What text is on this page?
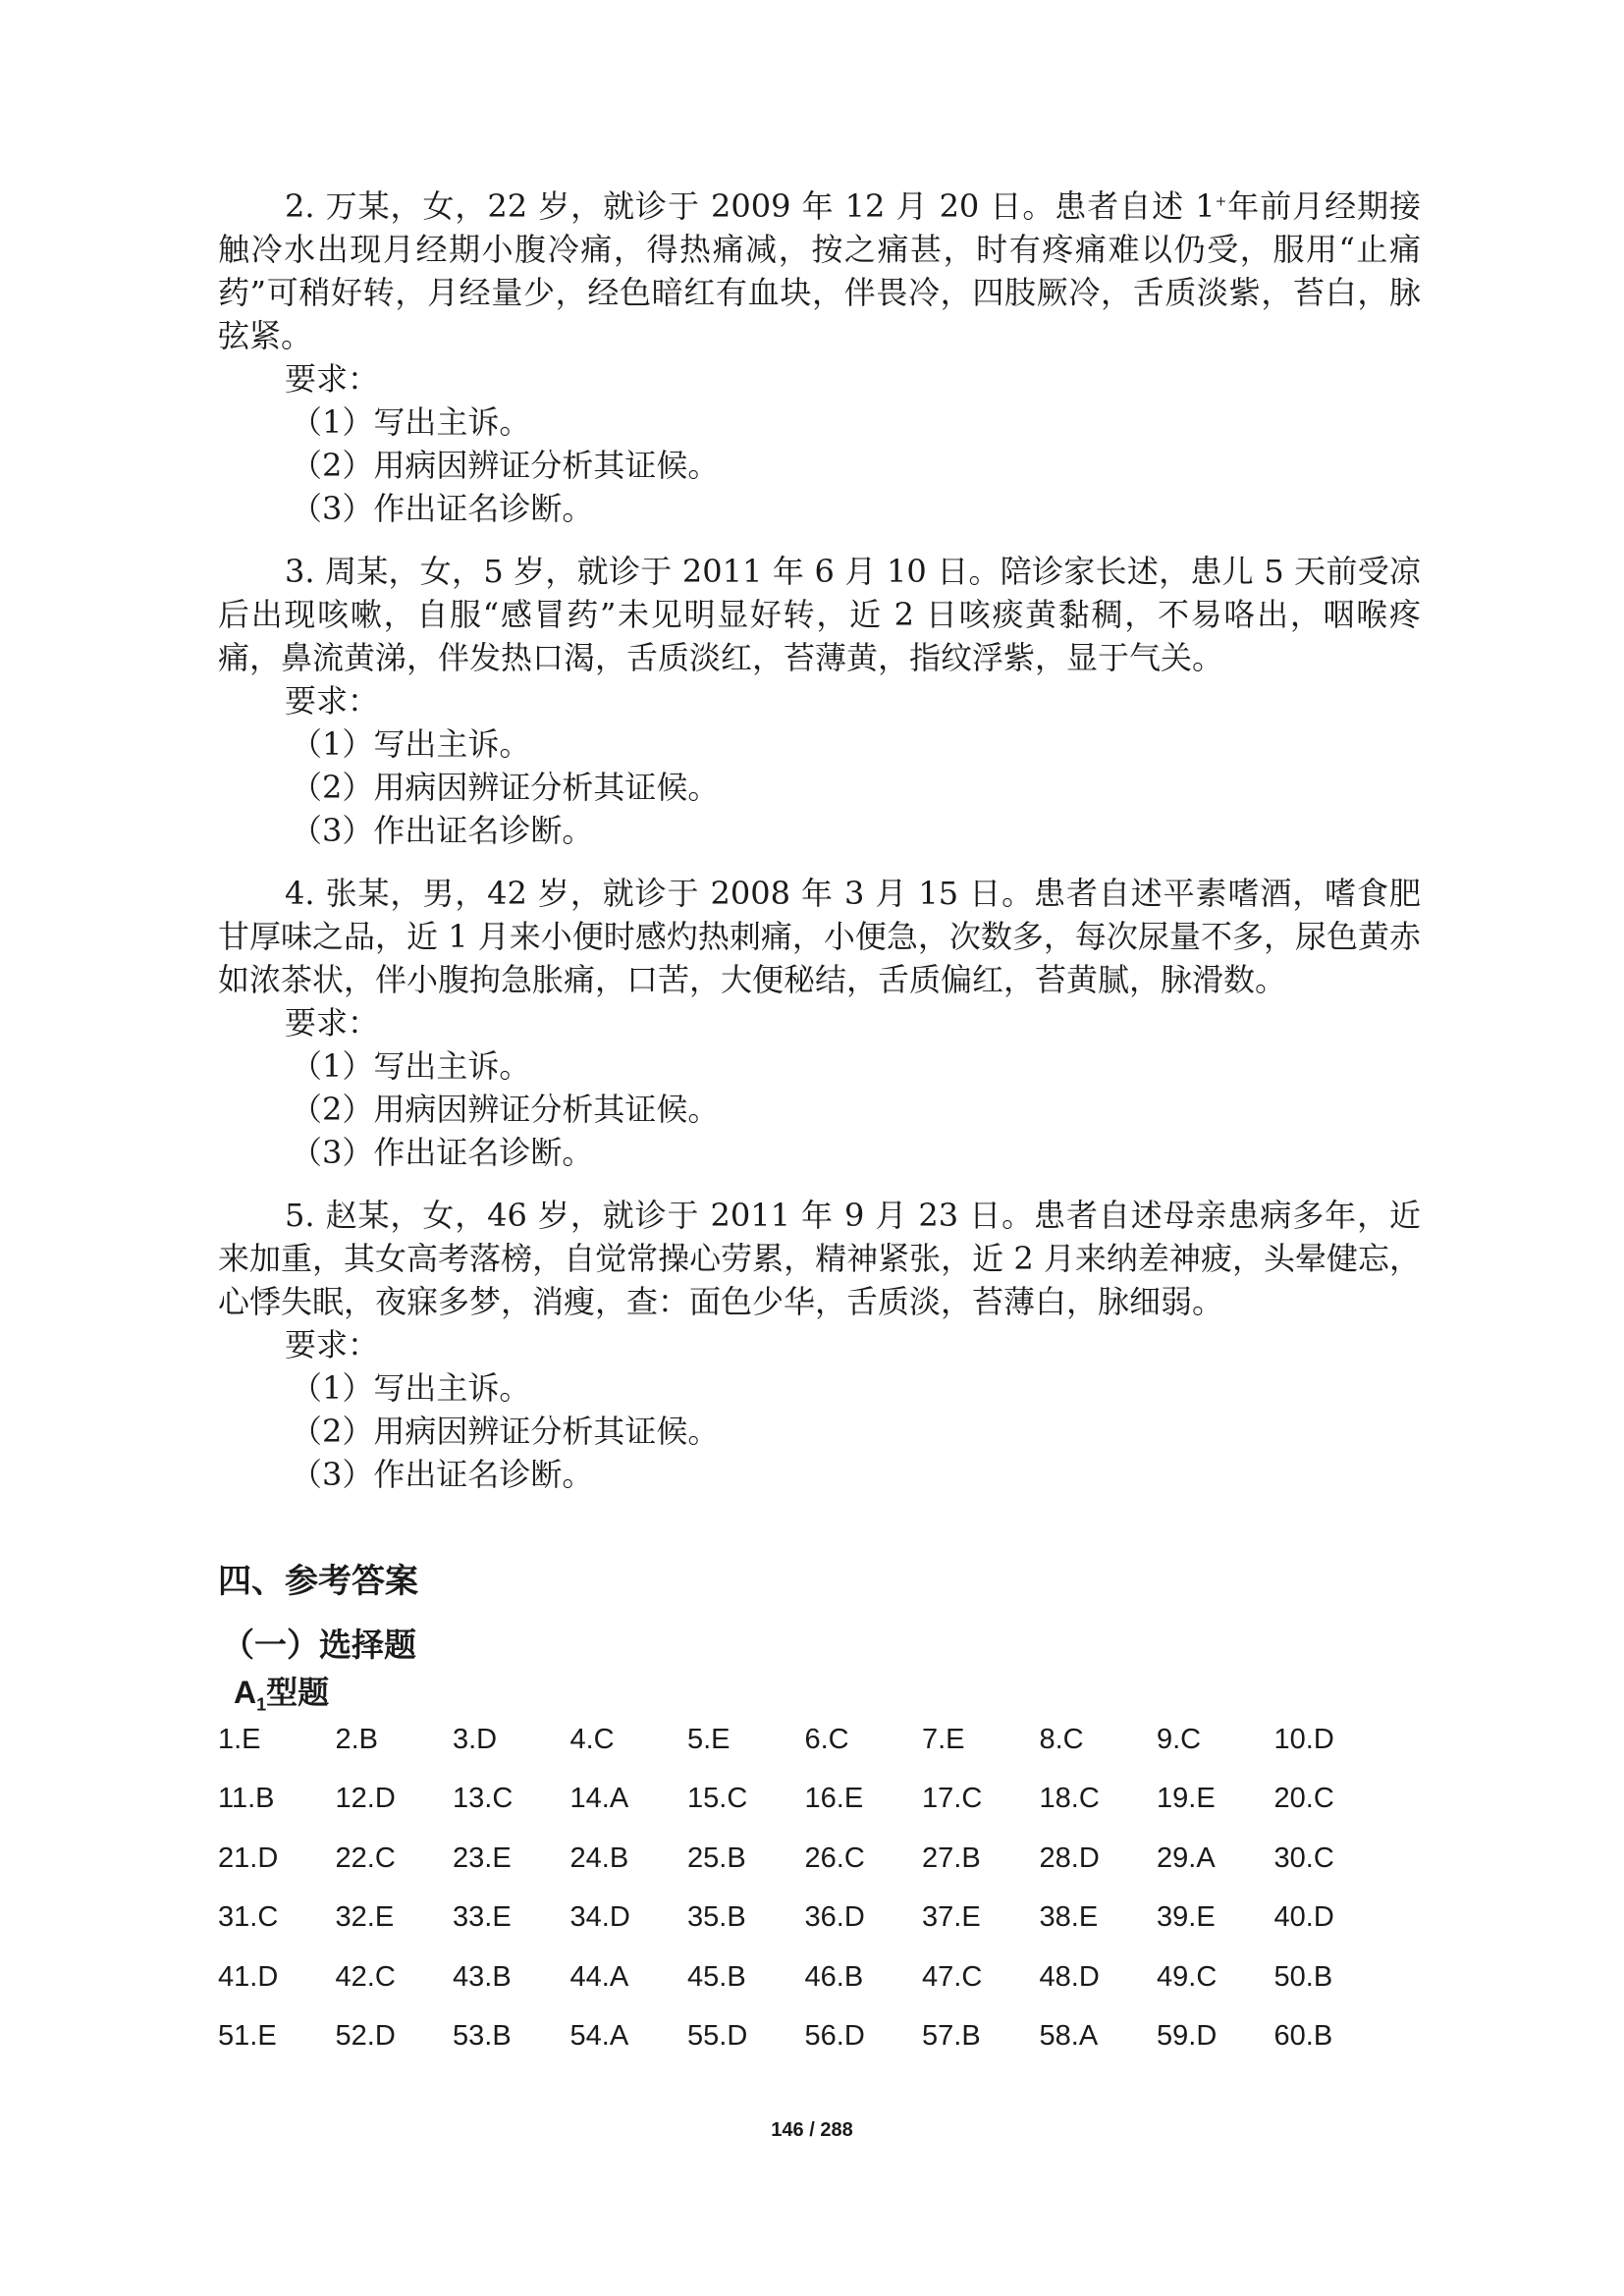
2. 万某，女，22 岁，就诊于 2009 年 12 月 20 日。患者自述 1+年前月经期接触冷水出现月经期小腹冷痛，得热痛减，按之痛甚，时有疼痛难以仍受，服用“止痛药”可稍好转，月经量少，经色暗红有血块，伴畏冷，四肢厥冷，舌质淡紫，苔白，脉弦紧。

要求：

（1）写出主诉。

（2）用病因辨证分析其证候。

（3）作出证名诊断。

3. 周某，女，5 岁，就诊于 2011 年 6 月 10 日。陪诊家长述，患儿 5 天前受凉后出现咳嗽，自服“感冒药”未见明显好转，近 2 日咳痰黄黏稠，不易咯出，咽喉疼痛，鼻流黄涕，伴发热口渴，舌质淡红，苔薄黄，指纹浮紫，显于气关。

要求：

（1）写出主诉。

（2）用病因辨证分析其证候。

（3）作出证名诊断。

4. 张某，男，42 岁，就诊于 2008 年 3 月 15 日。患者自述平素嗜酒，嗜食肥甘厚味之品，近 1 月来小便时感灼热刺痛，小便急，次数多，每次尿量不多，尿色黄赤如浓茶状，伴小腹拘急胀痛，口苦，大便秘结，舌质偏红，苔黄腻，脉滑数。

要求：

（1）写出主诉。

（2）用病因辨证分析其证候。

（3）作出证名诊断。

5. 赵某，女，46 岁，就诊于 2011 年 9 月 23 日。患者自述母亲患病多年，近来加重，其女高考落榜，自觉常操心劳累，精神紧张，近 2 月来纳差神疲，头晕健忘，心悸失眠，夜寐多梦，消瘦，查：面色少华，舌质淡，苔薄白，脉细弱。

要求：

（1）写出主诉。

（2）用病因辨证分析其证候。

（3）作出证名诊断。

四、参考答案
（一）选择题
$A_1$型题
1.E	2.B	3.D	4.C	5.E	6.C	7.E	8.C	9.C	10.D
11.B	12.D	13.C	14.A	15.C	16.E	17.C	18.C	19.E	20.C
21.D	22.C	23.E	24.B	25.B	26.C	27.B	28.D	29.A	30.C
31.C	32.E	33.E	34.D	35.B	36.D	37.E	38.E	39.E	40.D
41.D	42.C	43.B	44.A	45.B	46.B	47.C	48.D	49.C	50.B
51.E	52.D	53.B	54.A	55.D	56.D	57.B	58.A	59.D	60.B
146 / 288
